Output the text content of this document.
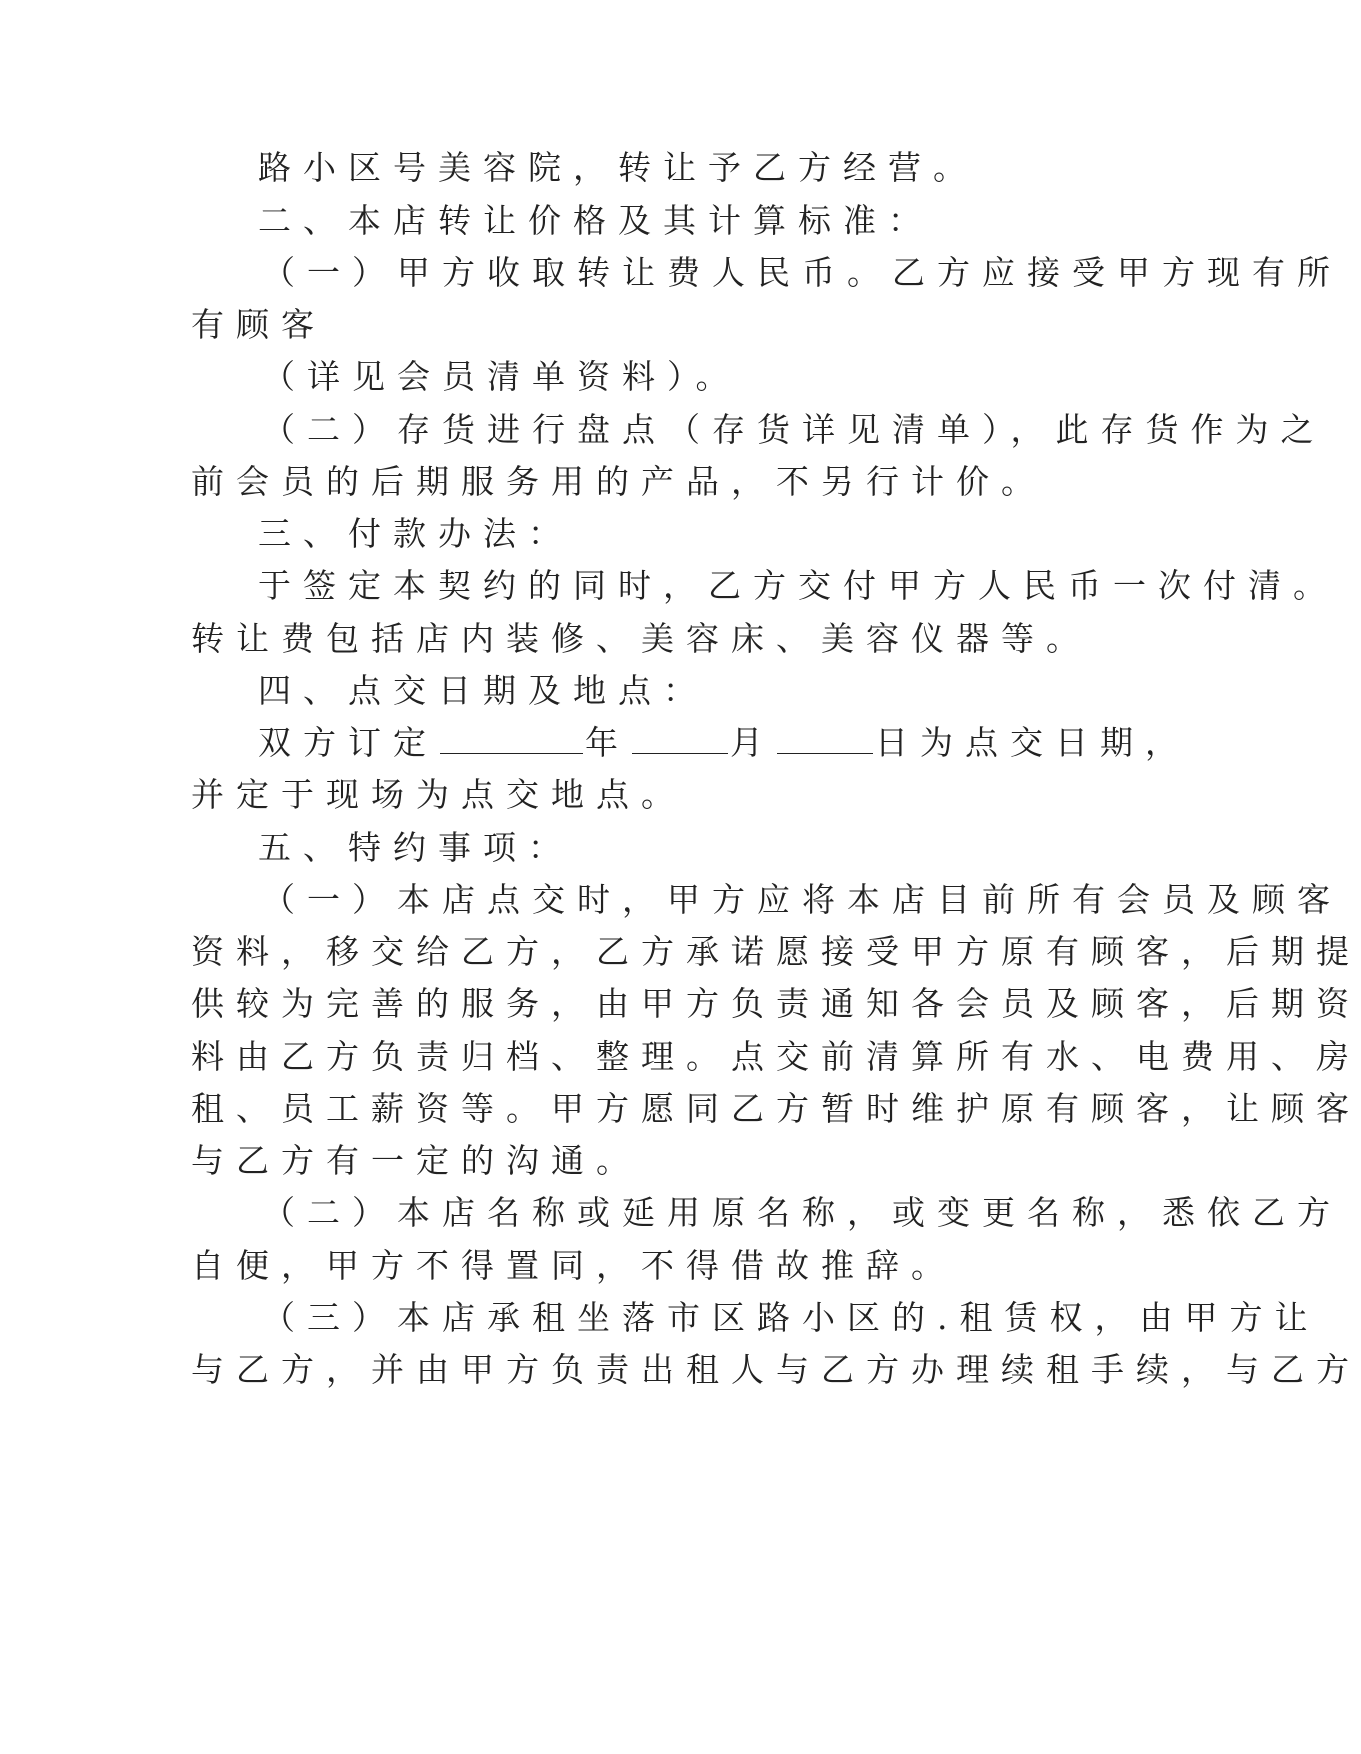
路小区号美容院，转让予乙方经营。
二、本店转让价格及其计算标准：
（一）甲方收取转让费人民币。乙方应接受甲方现有所
有顾客
（详见会员清单资料）。
（二）存货进行盘点（存货详见清单），此存货作为之
前会员的后期服务用的产品，不另行计价。
三、付款办法：
于签定本契约的同时，乙方交付甲方人民币一次付清。
转让费包括店内装修、美容床、美容仪器等。
四、点交日期及地点：
双方订定	年	月	日为点交日期，
并定于现场为点交地点。
五、特约事项：
（一）本店点交时，甲方应将本店目前所有会员及顾客
资料，移交给乙方，乙方承诺愿接受甲方原有顾客，后期提
供较为完善的服务，由甲方负责通知各会员及顾客，后期资
料由乙方负责归档、整理。点交前清算所有水、电费用、房
租、员工薪资等。甲方愿同乙方暂时维护原有顾客，让顾客
与乙方有一定的沟通。
（二）本店名称或延用原名称，或变更名称，悉依乙方
自便，甲方不得置同，不得借故推辞。
（三）本店承租坐落市区路小区的.租赁权，由甲方让
与乙方，并由甲方负责出租人与乙方办理续租手续，与乙方
